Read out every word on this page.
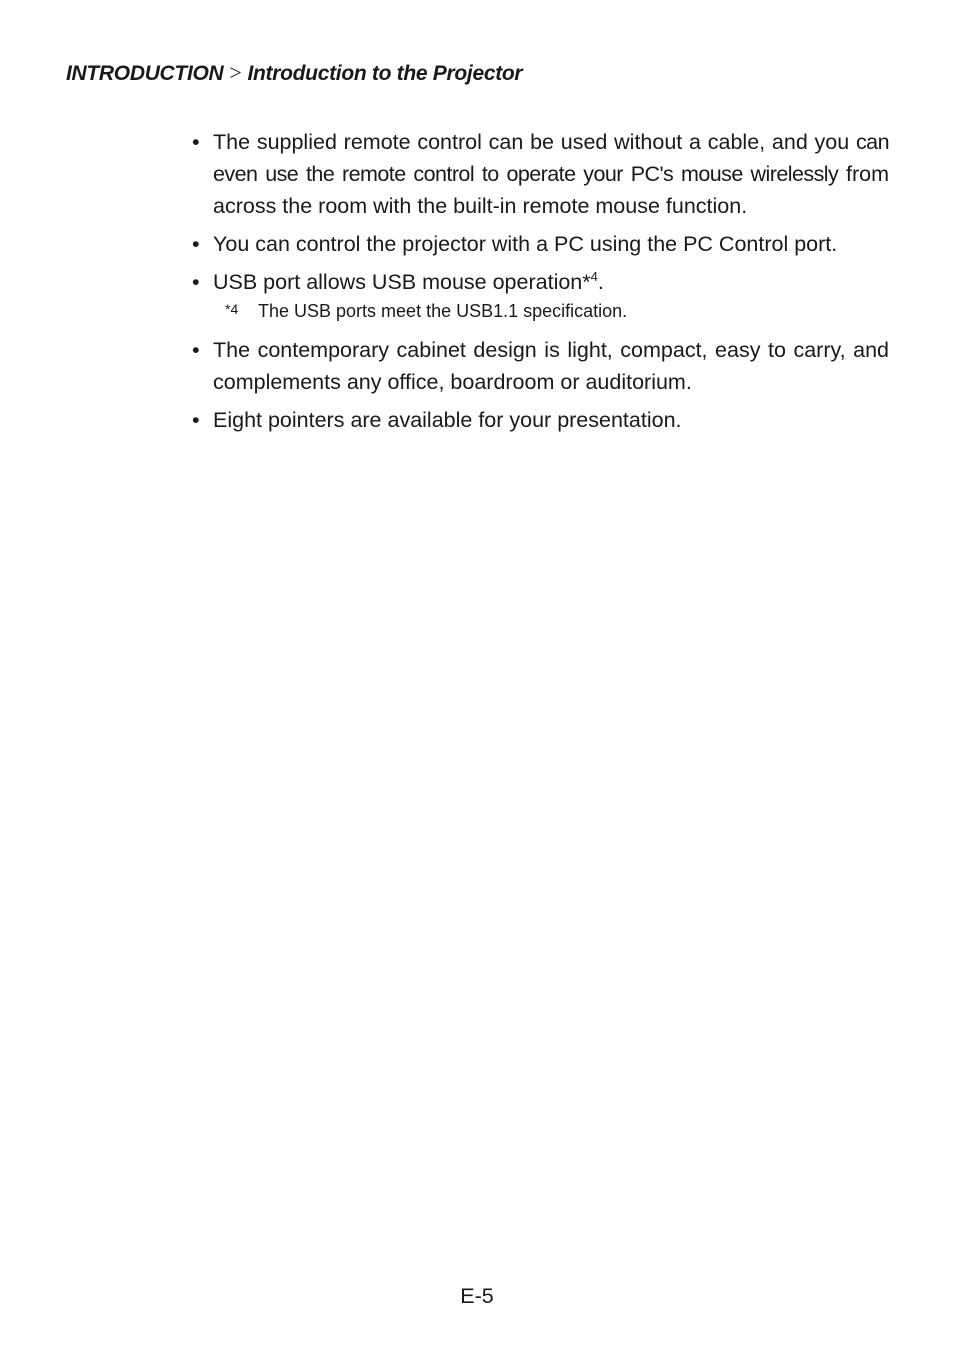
INTRODUCTION > Introduction to the Projector
• The supplied remote control can be used without a cable, and you can even use the remote control to operate your PC's mouse wirelessly from across the room with the built-in remote mouse function.
• You can control the projector with a PC using the PC Control port.
• USB port allows USB mouse operation*$^4$.
*4 The USB ports meet the USB1.1 specification.
• The contemporary cabinet design is light, compact, easy to carry, and complements any office, boardroom or auditorium.
• Eight pointers are available for your presentation.
E-5
